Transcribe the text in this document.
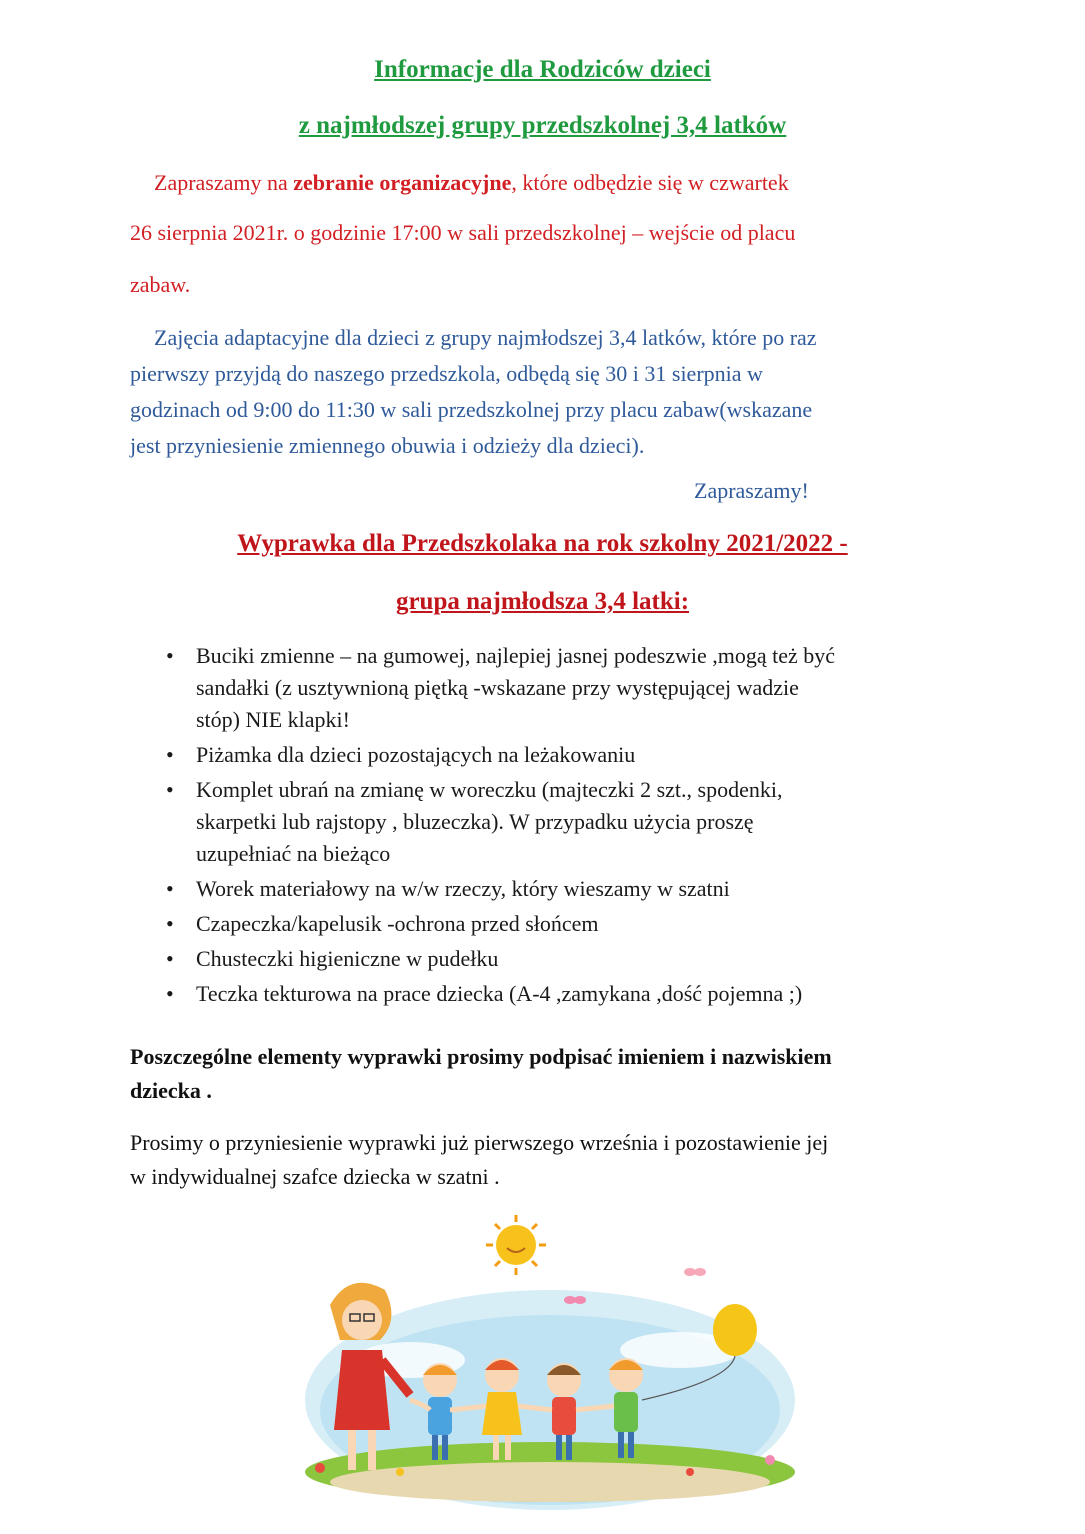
Informacje dla Rodziców dzieci
z najmłodszej grupy przedszkolnej 3,4 latków
Zapraszamy na zebranie organizacyjne, które odbędzie się w czwartek
26 sierpnia 2021r. o godzinie 17:00 w sali przedszkolnej – wejście od placu
zabaw.
Zajęcia adaptacyjne dla dzieci z grupy najmłodszej 3,4 latków, które po raz
pierwszy przyjdą do naszego przedszkola, odbędą się 30 i 31 sierpnia w
godzinach od 9:00 do 11:30 w sali przedszkolnej przy placu zabaw(wskazane
jest przyniesienie zmiennego obuwia i odzieży dla dzieci).
Zapraszamy!
Wyprawka dla Przedszkolaka na rok szkolny 2021/2022 -
grupa najmłodsza 3,4 latki:
• Buciki zmienne – na gumowej, najlepiej jasnej podeszwie ,mogą też być
sandałki (z usztywnioną piętką -wskazane przy występującej wadzie
stóp) NIE klapki!
• Piżamka dla dzieci pozostających na leżakowaniu
• Komplet ubrań na zmianę w woreczku (majteczki 2 szt., spodenki,
skarpetki lub rajstopy , bluzeczka). W przypadku użycia proszę
uzupełniać na bieżąco
• Worek materiałowy na w/w rzeczy, który wieszamy w szatni
• Czapeczka/kapelusik -ochrona przed słońcem
• Chusteczki higieniczne w pudełku
• Teczka tekturowa na prace dziecka (A-4 ,zamykana ,dość pojemna ;)
Poszczególne elementy wyprawki prosimy podpisać imieniem i nazwiskiem
dziecka .
Prosimy o przyniesienie wyprawki już pierwszego września i pozostawienie jej
w indywidualnej szafce dziecka w szatni .
